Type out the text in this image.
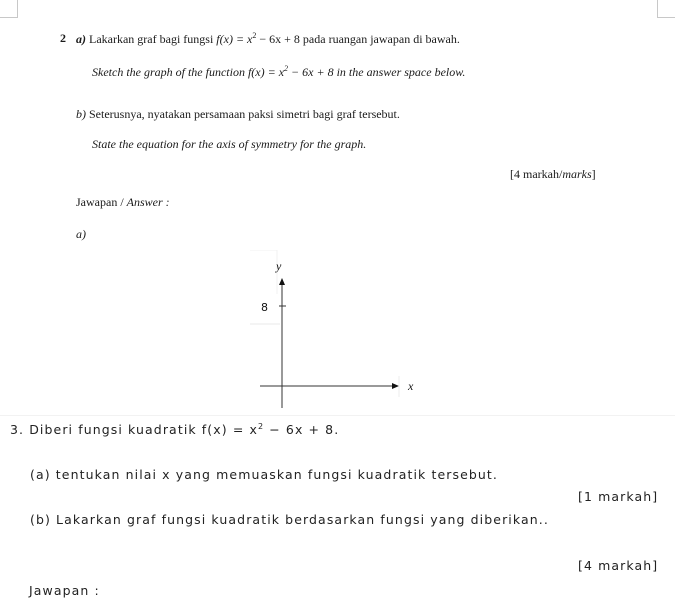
2 a) Lakarkan graf bagi fungsi $f(x) = x^2 - 6x + 8$ pada ruangan jawapan di bawah.
Sketch the graph of the function $f(x) = x^2 - 6x + 8$ in the answer space below.
b) Seterusnya, nyatakan persamaan paksi simetri bagi graf tersebut.
State the equation for the axis of symmetry for the graph.
[4 markah/marks]
Jawapan / Answer :
a)
y
8
x
3. Diberi fungsi kuadratik $f(x) = x^2 - 6x + 8$.
(a) tentukan nilai x yang memuaskan fungsi kuadratik tersebut.
[1 markah]
(b) Lakarkan graf fungsi kuadratik berdasarkan fungsi yang diberikan..
[4 markah]
Jawapan :
